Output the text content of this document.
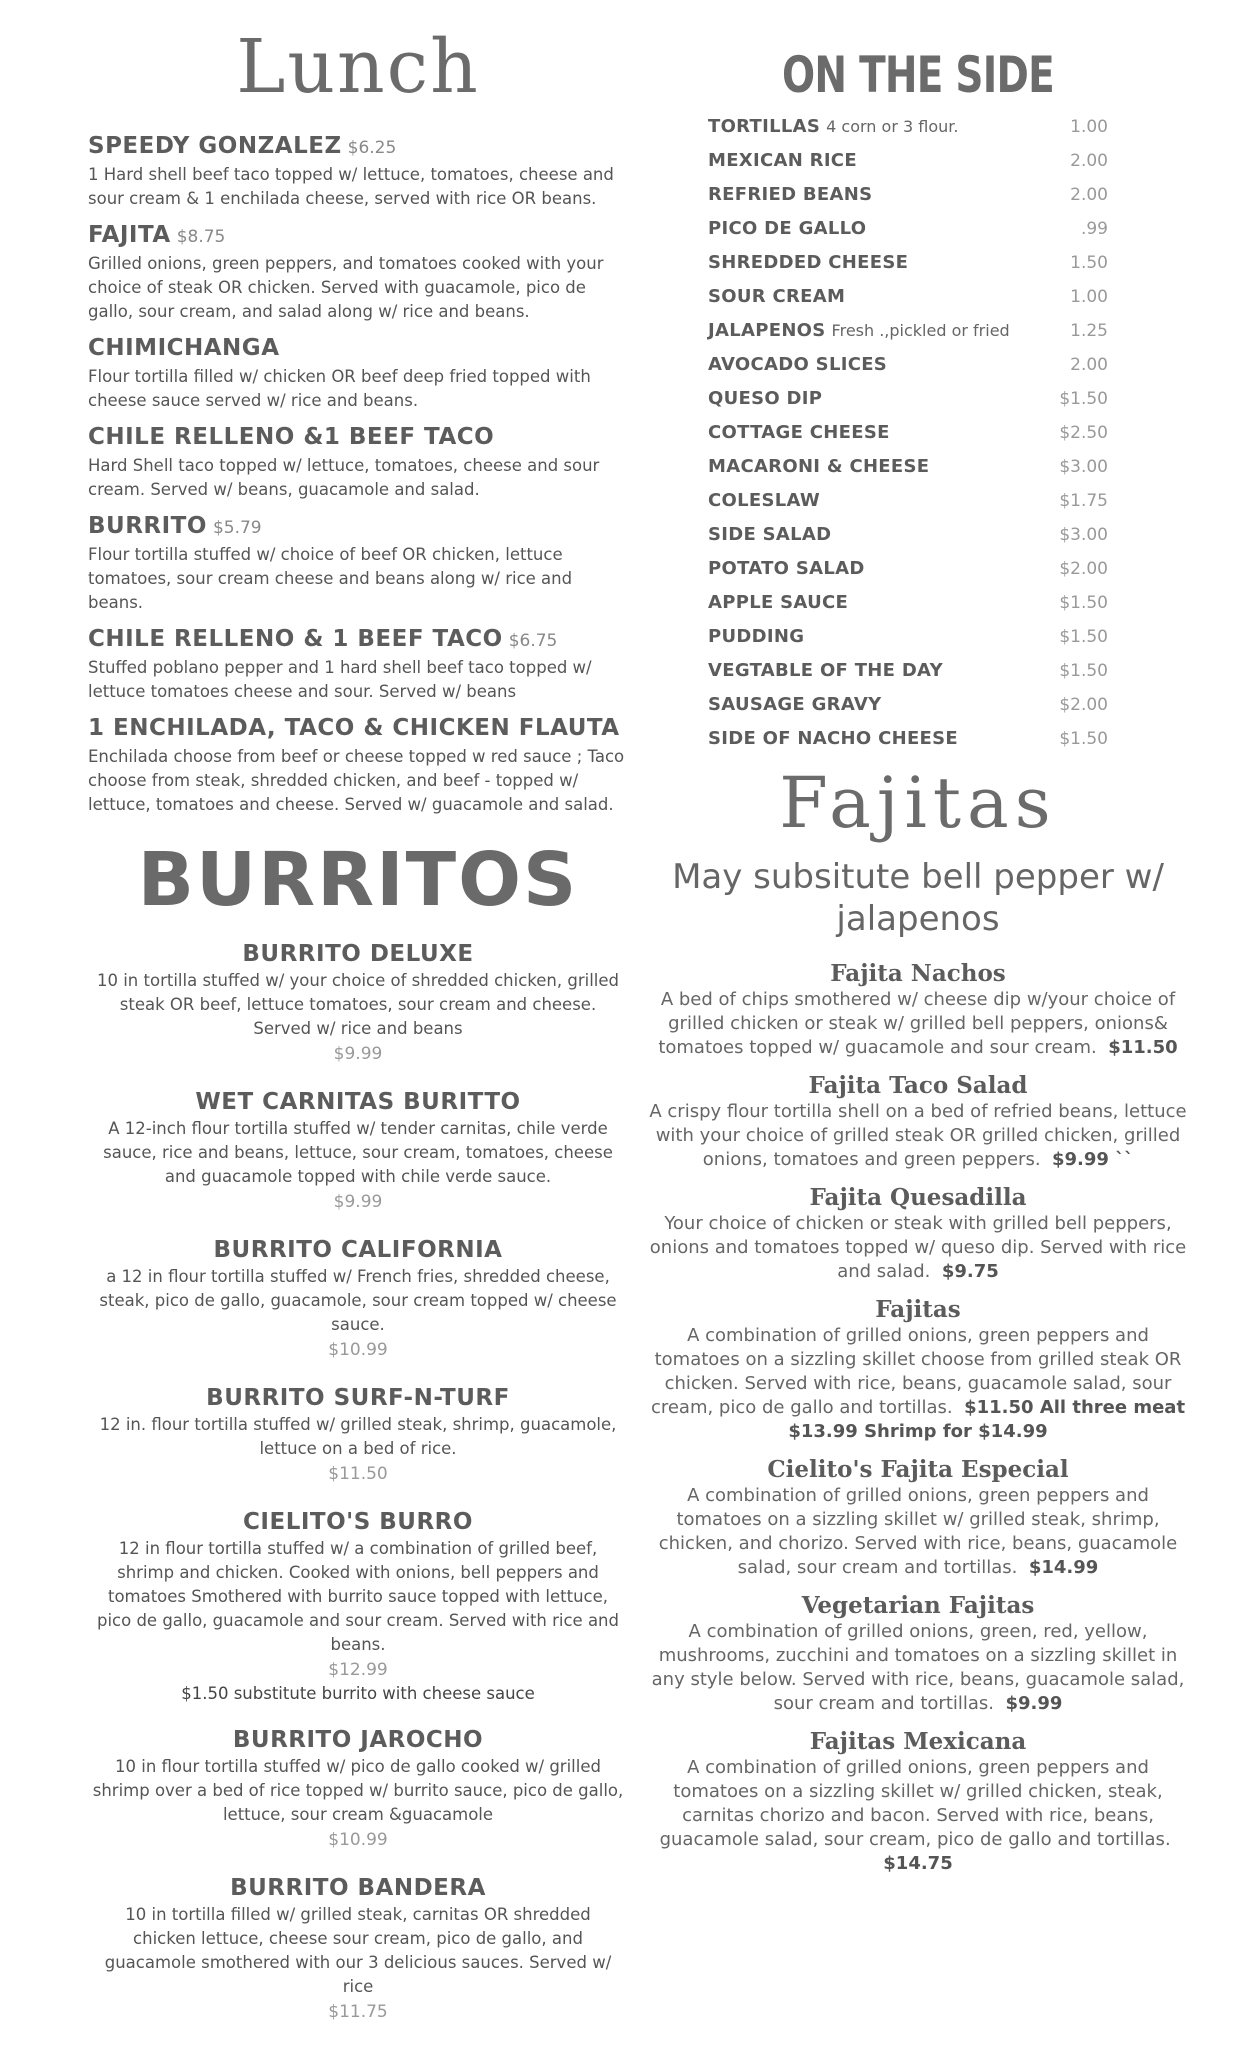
Lunch
SPEEDY GONZALEZ $6.25
1 Hard shell beef taco topped w/ lettuce, tomatoes, cheese and sour cream & 1 enchilada cheese, served with rice OR beans.
FAJITA $8.75
Grilled onions, green peppers, and tomatoes cooked with your choice of steak OR chicken. Served with guacamole, pico de gallo, sour cream, and salad along w/ rice and beans.
CHIMICHANGA
Flour tortilla filled w/ chicken OR beef deep fried topped with cheese sauce served w/ rice and beans.
CHILE RELLENO &1 BEEF TACO
Hard Shell taco topped w/ lettuce, tomatoes, cheese and sour cream. Served w/ beans, guacamole and salad.
BURRITO $5.79
Flour tortilla stuffed w/ choice of beef OR chicken, lettuce tomatoes, sour cream cheese and beans along w/ rice and beans.
CHILE RELLENO & 1 BEEF TACO $6.75
Stuffed poblano pepper and 1 hard shell beef taco topped w/ lettuce tomatoes cheese and sour. Served w/ beans
1 ENCHILADA, TACO & CHICKEN FLAUTA
Enchilada choose from beef or cheese topped w red sauce ; Taco choose from steak, shredded chicken, and beef - topped w/ lettuce, tomatoes and cheese. Served w/ guacamole and salad.
BURRITOS
BURRITO DELUXE
10 in tortilla stuffed w/ your choice of shredded chicken, grilled steak OR beef, lettuce tomatoes, sour cream and cheese. Served w/ rice and beans
$9.99
WET CARNITAS BURITTO
A 12-inch flour tortilla stuffed w/ tender carnitas, chile verde sauce, rice and beans, lettuce, sour cream, tomatoes, cheese and guacamole topped with chile verde sauce.
$9.99
BURRITO CALIFORNIA
a 12 in flour tortilla stuffed w/ French fries, shredded cheese, steak, pico de gallo, guacamole, sour cream topped w/ cheese sauce.
$10.99
BURRITO SURF-N-TURF
12 in. flour tortilla stuffed w/ grilled steak, shrimp, guacamole, lettuce on a bed of rice.
$11.50
CIELITO'S BURRO
12 in flour tortilla stuffed w/ a combination of grilled beef, shrimp and chicken. Cooked with onions, bell peppers and tomatoes Smothered with burrito sauce topped with lettuce, pico de gallo, guacamole and sour cream. Served with rice and beans.
$12.99
$1.50 substitute burrito with cheese sauce
BURRITO JAROCHO
10 in flour tortilla stuffed w/ pico de gallo cooked w/ grilled shrimp over a bed of rice topped w/ burrito sauce, pico de gallo, lettuce, sour cream &guacamole
$10.99
BURRITO BANDERA
10 in tortilla filled w/ grilled steak, carnitas OR shredded chicken lettuce, cheese sour cream, pico de gallo, and guacamole smothered with our 3 delicious sauces. Served w/ rice
$11.75
ON THE SIDE
TORTILLAS 4 corn or 3 flour.	1.00
MEXICAN RICE	2.00
REFRIED BEANS	2.00
PICO DE GALLO	.99
SHREDDED CHEESE	1.50
SOUR CREAM	1.00
JALAPENOS Fresh .,pickled or fried	1.25
AVOCADO SLICES	2.00
QUESO DIP	$1.50
COTTAGE CHEESE	$2.50
MACARONI & CHEESE	$3.00
COLESLAW	$1.75
SIDE SALAD	$3.00
POTATO SALAD	$2.00
APPLE SAUCE	$1.50
PUDDING	$1.50
VEGTABLE OF THE DAY	$1.50
SAUSAGE GRAVY	$2.00
SIDE OF NACHO CHEESE	$1.50
Fajitas
May subsitute bell pepper w/ jalapenos
Fajita Nachos
A bed of chips smothered w/ cheese dip w/your choice of grilled chicken or steak w/ grilled bell peppers, onions& tomatoes topped w/ guacamole and sour cream. $11.50
Fajita Taco Salad
A crispy flour tortilla shell on a bed of refried beans, lettuce with your choice of grilled steak OR grilled chicken, grilled onions, tomatoes and green peppers. $9.99 ``
Fajita Quesadilla
Your choice of chicken or steak with grilled bell peppers, onions and tomatoes topped w/ queso dip. Served with rice and salad. $9.75
Fajitas
A combination of grilled onions, green peppers and tomatoes on a sizzling skillet choose from grilled steak OR chicken. Served with rice, beans, guacamole salad, sour cream, pico de gallo and tortillas. $11.50 All three meat $13.99 Shrimp for $14.99
Cielito's Fajita Especial
A combination of grilled onions, green peppers and tomatoes on a sizzling skillet w/ grilled steak, shrimp, chicken, and chorizo. Served with rice, beans, guacamole salad, sour cream and tortillas. $14.99
Vegetarian Fajitas
A combination of grilled onions, green, red, yellow, mushrooms, zucchini and tomatoes on a sizzling skillet in any style below. Served with rice, beans, guacamole salad, sour cream and tortillas. $9.99
Fajitas Mexicana
A combination of grilled onions, green peppers and tomatoes on a sizzling skillet w/ grilled chicken, steak, carnitas chorizo and bacon. Served with rice, beans, guacamole salad, sour cream, pico de gallo and tortillas.  $14.75
